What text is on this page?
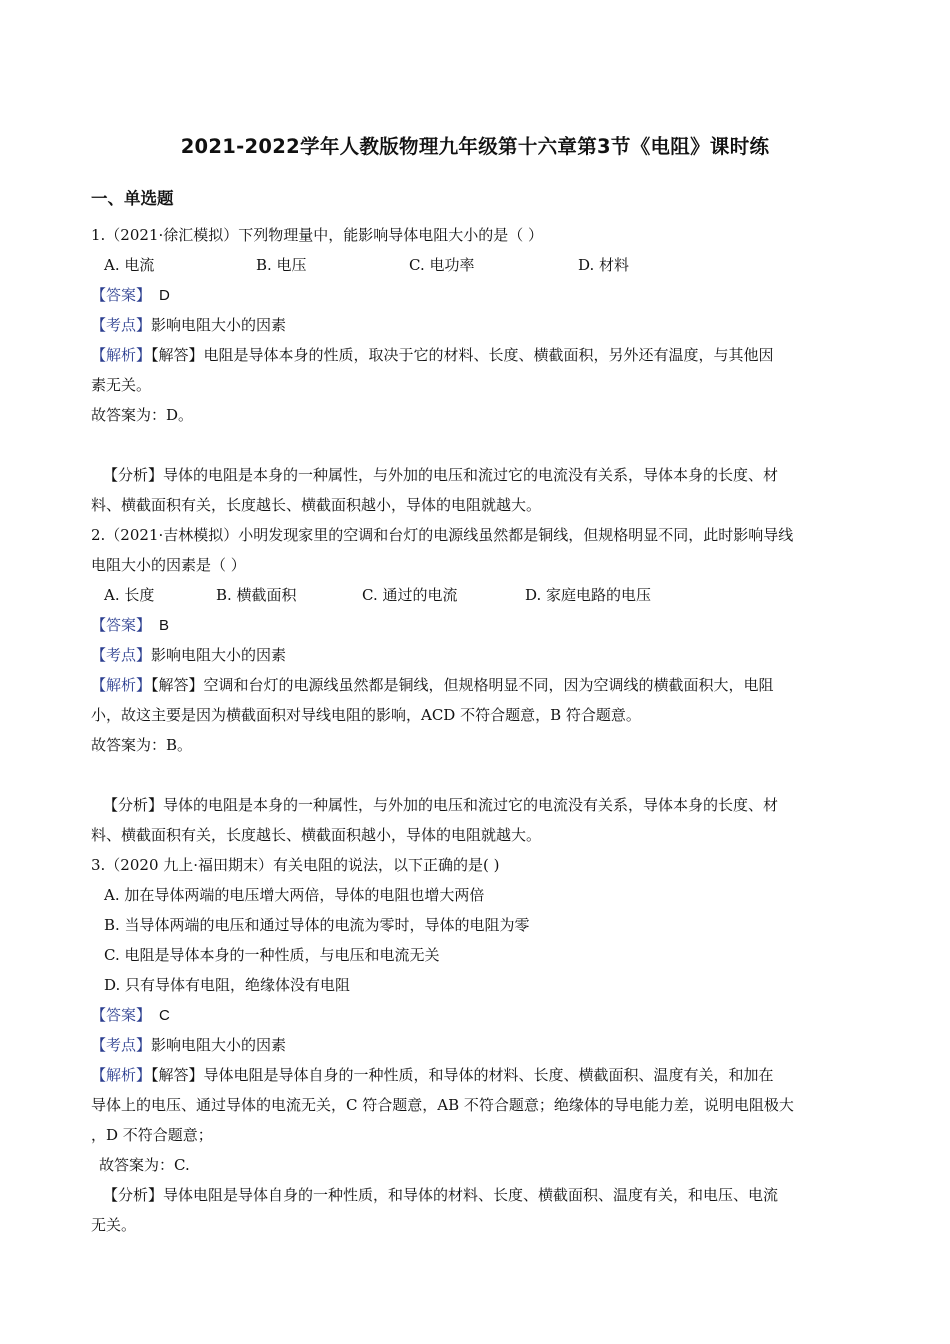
2021-2022学年人教版物理九年级第十六章第3节《电阻》课时练
一、单选题
1.（2021·徐汇模拟）下列物理量中，能影响导体电阻大小的是（ ）
A. 电流	B. 电压	C. 电功率	D. 材料
【答案】 D
【考点】影响电阻大小的因素
【解析】【解答】电阻是导体本身的性质，取决于它的材料、长度、横截面积，另外还有温度，与其他因
素无关。
故答案为：D。
【分析】导体的电阻是本身的一种属性，与外加的电压和流过它的电流没有关系，导体本身的长度、材
料、横截面积有关，长度越长、横截面积越小，导体的电阻就越大。
2.（2021·吉林模拟）小明发现家里的空调和台灯的电源线虽然都是铜线，但规格明显不同，此时影响导线
电阻大小的因素是（ ）
A. 长度	B. 横截面积	C. 通过的电流	D. 家庭电路的电压
【答案】 B
【考点】影响电阻大小的因素
【解析】【解答】空调和台灯的电源线虽然都是铜线，但规格明显不同，因为空调线的横截面积大，电阻
小，故这主要是因为横截面积对导线电阻的影响，ACD 不符合题意，B 符合题意。
故答案为：B。
【分析】导体的电阻是本身的一种属性，与外加的电压和流过它的电流没有关系，导体本身的长度、材
料、横截面积有关，长度越长、横截面积越小，导体的电阻就越大。
3.（2020 九上·福田期末）有关电阻的说法，以下正确的是( )
A. 加在导体两端的电压增大两倍，导体的电阻也增大两倍
B. 当导体两端的电压和通过导体的电流为零时，导体的电阻为零
C. 电阻是导体本身的一种性质，与电压和电流无关
D. 只有导体有电阻，绝缘体没有电阻
【答案】 C
【考点】影响电阻大小的因素
【解析】【解答】导体电阻是导体自身的一种性质，和导体的材料、长度、横截面积、温度有关，和加在
导体上的电压、通过导体的电流无关，C 符合题意，AB 不符合题意；绝缘体的导电能力差，说明电阻极大
，D 不符合题意；
故答案为：C.
【分析】导体电阻是导体自身的一种性质，和导体的材料、长度、横截面积、温度有关，和电压、电流
无关。
